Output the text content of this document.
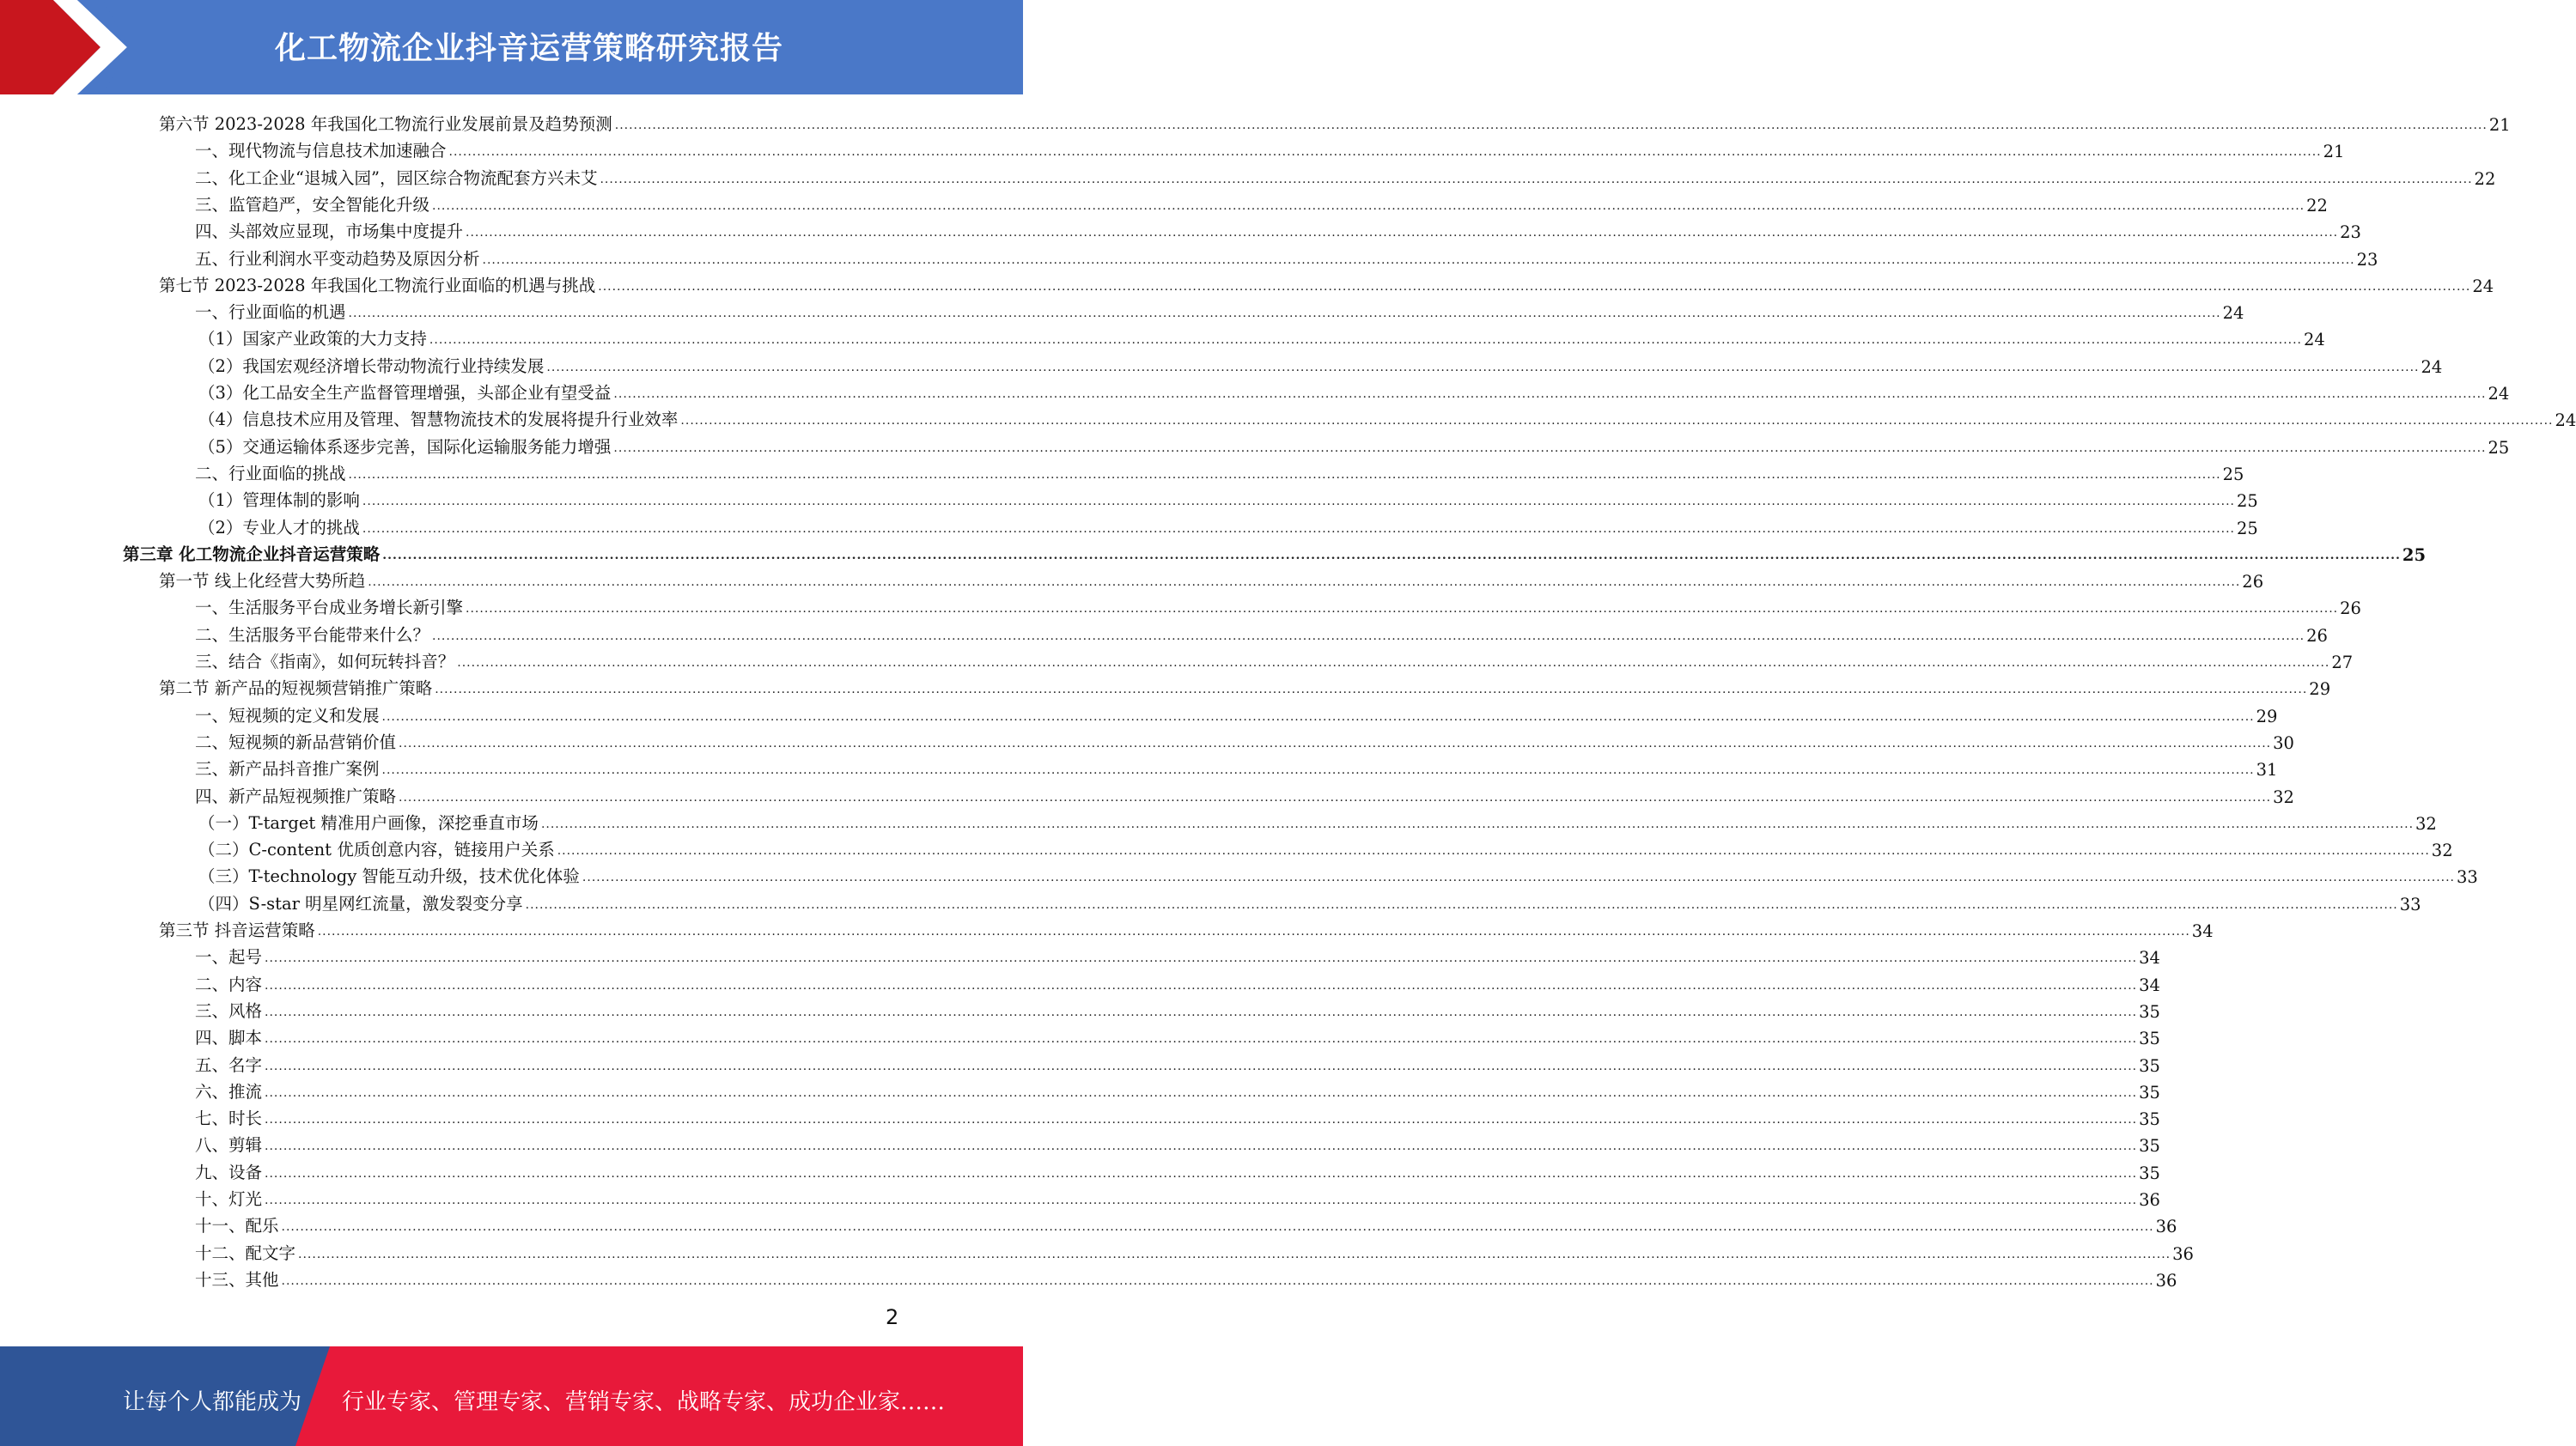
化工物流企业抖音运营策略研究报告
第六节 2023-2028 年我国化工物流行业发展前景及趋势预测 ................................................................................................................................................................................................................................................................................................................................................................................................................ 21
一、现代物流与信息技术加速融合 ................................................................................................................................................................................................................................................................................................................................................................................................................ 21
二、化工企业“退城入园”，园区综合物流配套方兴未艾 ................................................................................................................................................................................................................................................................................................................................................................................................................ 22
三、监管趋严，安全智能化升级 ................................................................................................................................................................................................................................................................................................................................................................................................................ 22
四、头部效应显现，市场集中度提升 ................................................................................................................................................................................................................................................................................................................................................................................................................ 23
五、行业利润水平变动趋势及原因分析 ................................................................................................................................................................................................................................................................................................................................................................................................................ 23
第七节 2023-2028 年我国化工物流行业面临的机遇与挑战 ................................................................................................................................................................................................................................................................................................................................................................................................................ 24
一、行业面临的机遇 ................................................................................................................................................................................................................................................................................................................................................................................................................ 24
（1）国家产业政策的大力支持 ................................................................................................................................................................................................................................................................................................................................................................................................................ 24
（2）我国宏观经济增长带动物流行业持续发展 ................................................................................................................................................................................................................................................................................................................................................................................................................ 24
（3）化工品安全生产监督管理增强，头部企业有望受益 ................................................................................................................................................................................................................................................................................................................................................................................................................ 24
（4）信息技术应用及管理、智慧物流技术的发展将提升行业效率 ................................................................................................................................................................................................................................................................................................................................................................................................................ 24
（5）交通运输体系逐步完善，国际化运输服务能力增强 ................................................................................................................................................................................................................................................................................................................................................................................................................ 25
二、行业面临的挑战 ................................................................................................................................................................................................................................................................................................................................................................................................................ 25
（1）管理体制的影响 ................................................................................................................................................................................................................................................................................................................................................................................................................ 25
（2）专业人才的挑战 ................................................................................................................................................................................................................................................................................................................................................................................................................ 25
第三章 化工物流企业抖音运营策略 ................................................................................................................................................................................................................................................................................................................................................................................................................ 25
第一节 线上化经营大势所趋 ................................................................................................................................................................................................................................................................................................................................................................................................................ 26
一、生活服务平台成业务增长新引擎 ................................................................................................................................................................................................................................................................................................................................................................................................................ 26
二、生活服务平台能带来什么？ ................................................................................................................................................................................................................................................................................................................................................................................................................ 26
三、结合《指南》，如何玩转抖音？ ................................................................................................................................................................................................................................................................................................................................................................................................................ 27
第二节 新产品的短视频营销推广策略 ................................................................................................................................................................................................................................................................................................................................................................................................................ 29
一、短视频的定义和发展 ................................................................................................................................................................................................................................................................................................................................................................................................................ 29
二、短视频的新品营销价值 ................................................................................................................................................................................................................................................................................................................................................................................................................ 30
三、新产品抖音推广案例 ................................................................................................................................................................................................................................................................................................................................................................................................................ 31
四、新产品短视频推广策略 ................................................................................................................................................................................................................................................................................................................................................................................................................ 32
（一）T-target 精准用户画像，深挖垂直市场 ................................................................................................................................................................................................................................................................................................................................................................................................................ 32
（二）C-content 优质创意内容，链接用户关系 ................................................................................................................................................................................................................................................................................................................................................................................................................ 32
（三）T-technology 智能互动升级，技术优化体验 ................................................................................................................................................................................................................................................................................................................................................................................................................ 33
（四）S-star 明星网红流量，激发裂变分享 ................................................................................................................................................................................................................................................................................................................................................................................................................ 33
第三节 抖音运营策略 ................................................................................................................................................................................................................................................................................................................................................................................................................ 34
一、起号 ................................................................................................................................................................................................................................................................................................................................................................................................................ 34
二、内容 ................................................................................................................................................................................................................................................................................................................................................................................................................ 34
三、风格 ................................................................................................................................................................................................................................................................................................................................................................................................................ 35
四、脚本 ................................................................................................................................................................................................................................................................................................................................................................................................................ 35
五、名字 ................................................................................................................................................................................................................................................................................................................................................................................................................ 35
六、推流 ................................................................................................................................................................................................................................................................................................................................................................................................................ 35
七、时长 ................................................................................................................................................................................................................................................................................................................................................................................................................ 35
八、剪辑 ................................................................................................................................................................................................................................................................................................................................................................................................................ 35
九、设备 ................................................................................................................................................................................................................................................................................................................................................................................................................ 35
十、灯光 ................................................................................................................................................................................................................................................................................................................................................................................................................ 36
十一、配乐 ................................................................................................................................................................................................................................................................................................................................................................................................................ 36
十二、配文字 ................................................................................................................................................................................................................................................................................................................................................................................................................ 36
十三、其他 ................................................................................................................................................................................................................................................................................................................................................................................................................ 36
2
让每个人都能成为 行业专家、管理专家、营销专家、战略专家、成功企业家……
